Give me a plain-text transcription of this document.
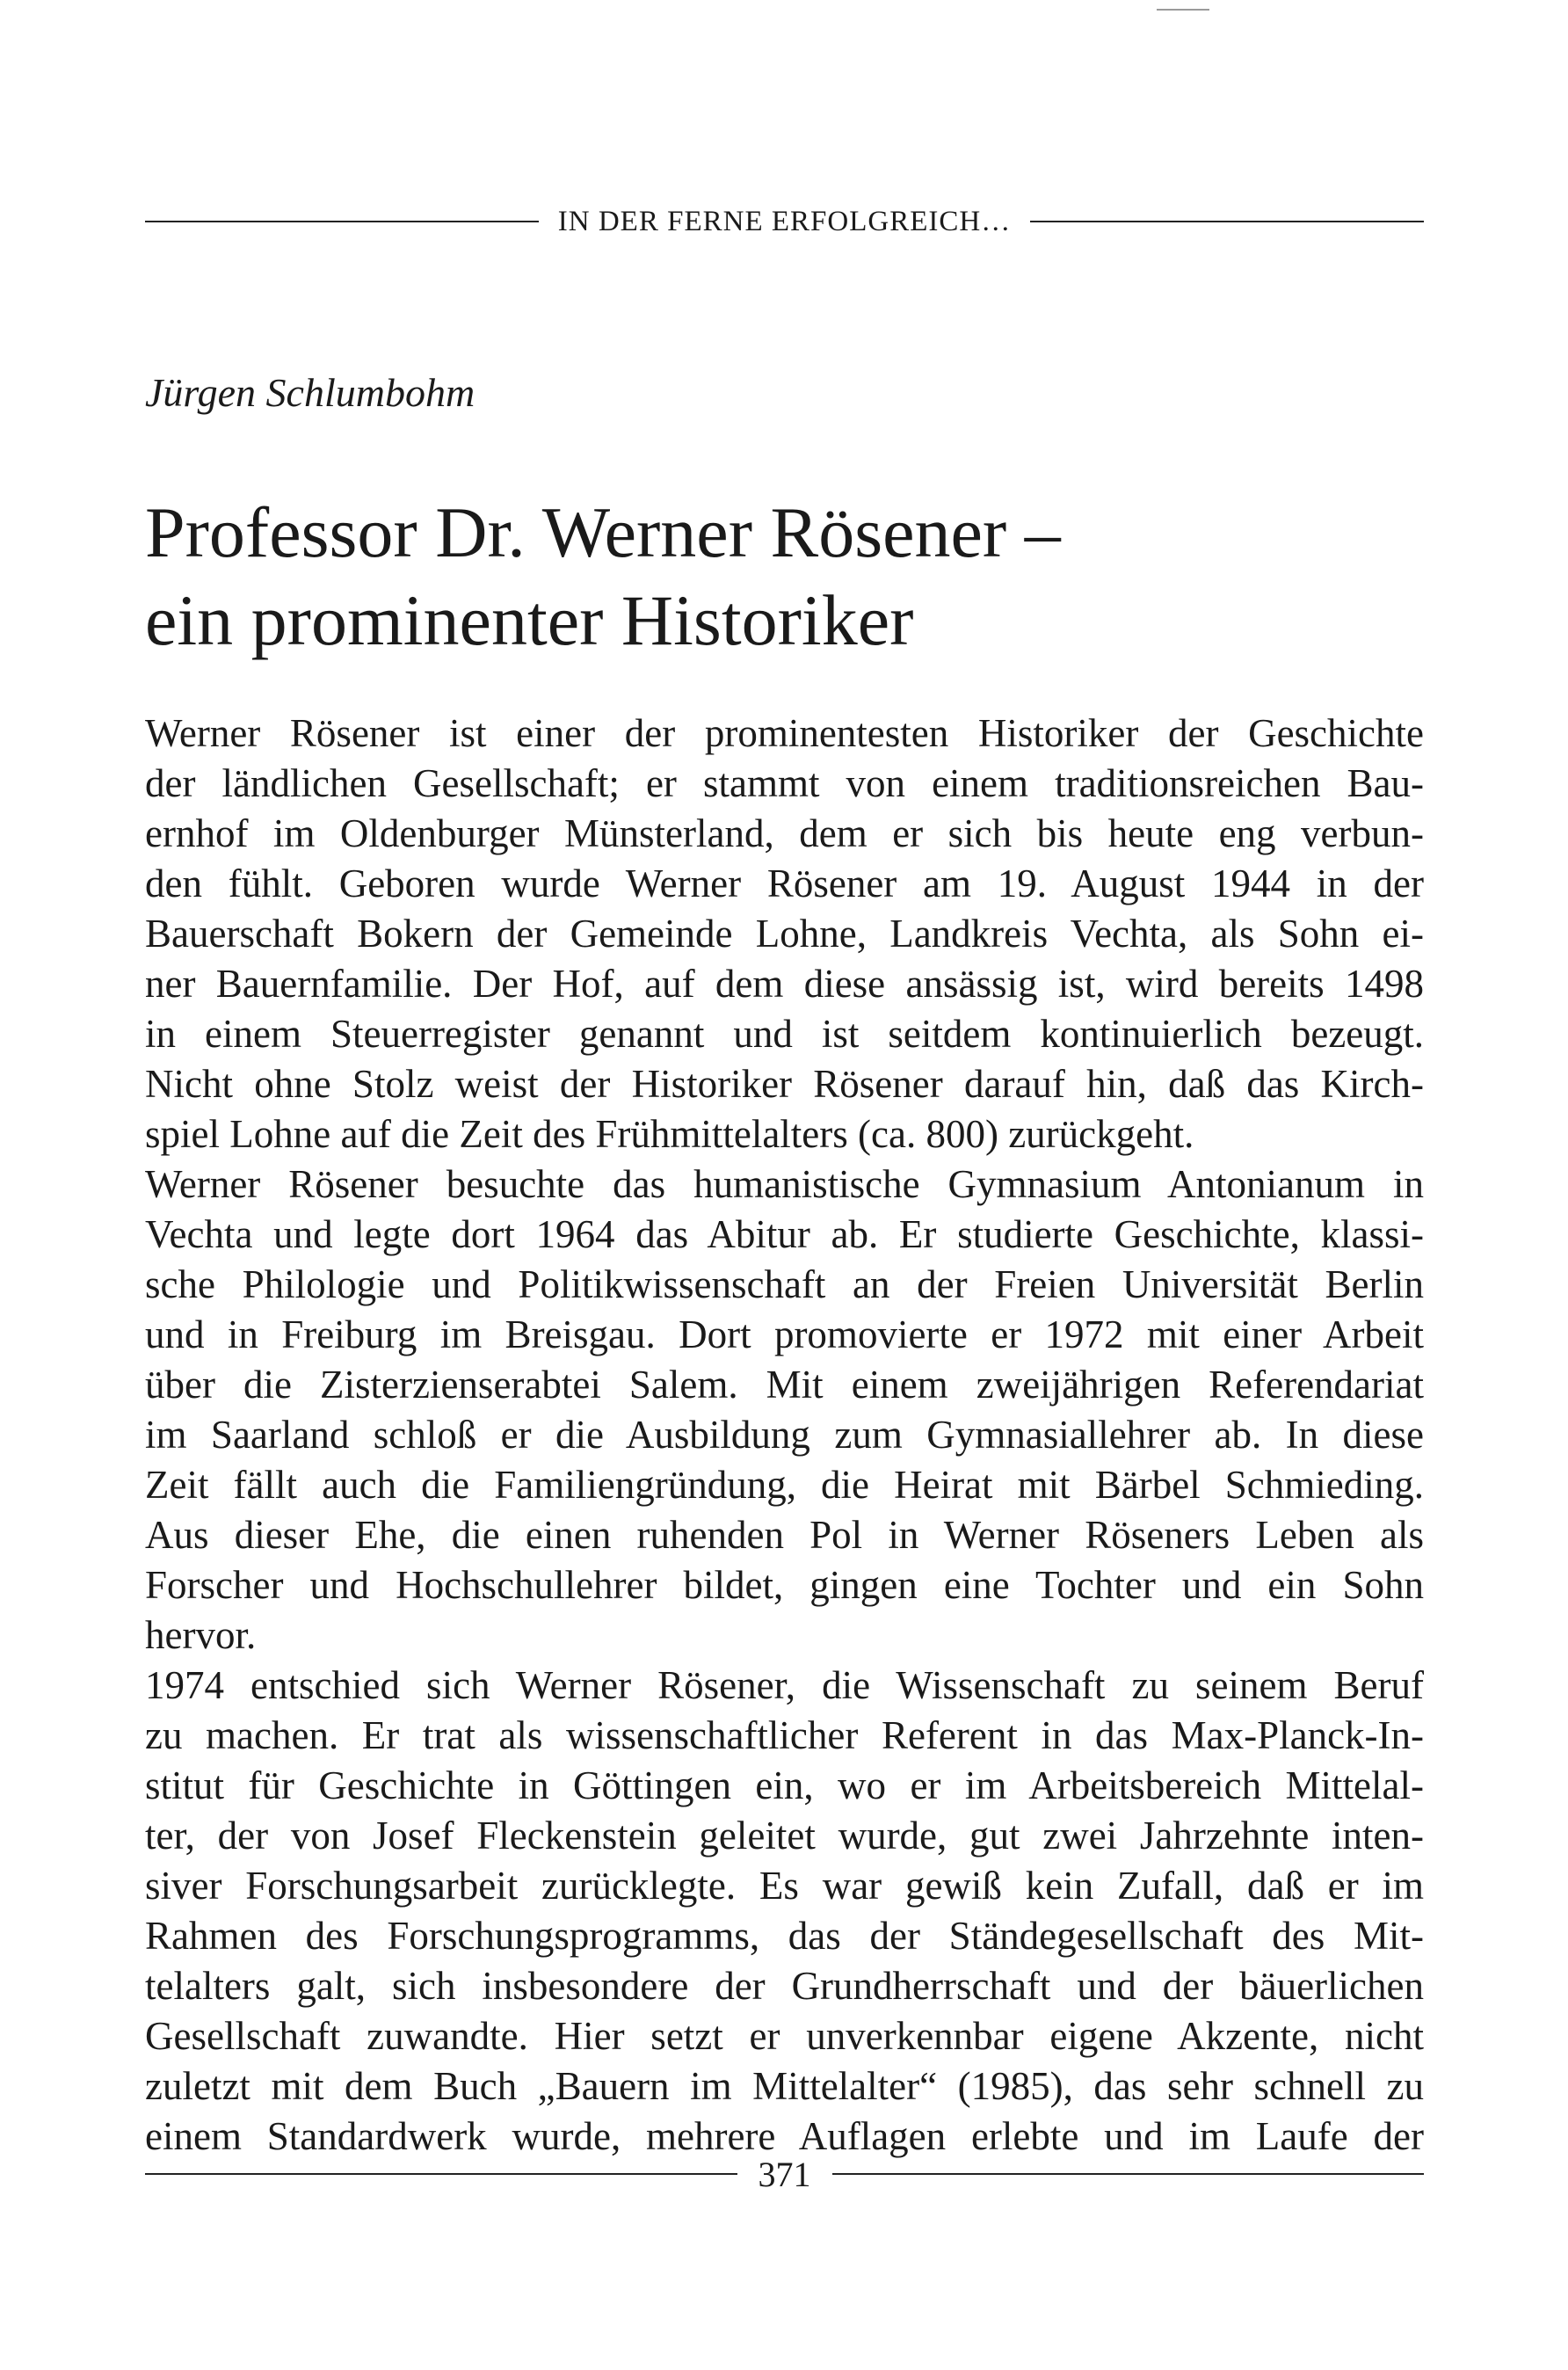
IN DER FERNE ERFOLGREICH…
Jürgen Schlumbohm
Professor Dr. Werner Rösener –
ein prominenter Historiker
Werner Rösener ist einer der prominentesten Historiker der Geschichte
der ländlichen Gesellschaft; er stammt von einem traditionsreichen Bau-
ernhof im Oldenburger Münsterland, dem er sich bis heute eng verbun-
den fühlt. Geboren wurde Werner Rösener am 19. August 1944 in der
Bauerschaft Bokern der Gemeinde Lohne, Landkreis Vechta, als Sohn ei-
ner Bauernfamilie. Der Hof, auf dem diese ansässig ist, wird bereits 1498
in einem Steuerregister genannt und ist seitdem kontinuierlich bezeugt.
Nicht ohne Stolz weist der Historiker Rösener darauf hin, daß das Kirch-
spiel Lohne auf die Zeit des Frühmittelalters (ca. 800) zurückgeht.
Werner Rösener besuchte das humanistische Gymnasium Antonianum in
Vechta und legte dort 1964 das Abitur ab. Er studierte Geschichte, klassi-
sche Philologie und Politikwissenschaft an der Freien Universität Berlin
und in Freiburg im Breisgau. Dort promovierte er 1972 mit einer Arbeit
über die Zisterzienserabtei Salem. Mit einem zweijährigen Referendariat
im Saarland schloß er die Ausbildung zum Gymnasiallehrer ab. In diese
Zeit fällt auch die Familiengründung, die Heirat mit Bärbel Schmieding.
Aus dieser Ehe, die einen ruhenden Pol in Werner Röseners Leben als
Forscher und Hochschullehrer bildet, gingen eine Tochter und ein Sohn
hervor.
1974 entschied sich Werner Rösener, die Wissenschaft zu seinem Beruf
zu machen. Er trat als wissenschaftlicher Referent in das Max-Planck-In-
stitut für Geschichte in Göttingen ein, wo er im Arbeitsbereich Mittelal-
ter, der von Josef Fleckenstein geleitet wurde, gut zwei Jahrzehnte inten-
siver Forschungsarbeit zurücklegte. Es war gewiß kein Zufall, daß er im
Rahmen des Forschungsprogramms, das der Ständegesellschaft des Mit-
telalters galt, sich insbesondere der Grundherrschaft und der bäuerlichen
Gesellschaft zuwandte. Hier setzt er unverkennbar eigene Akzente, nicht
zuletzt mit dem Buch „Bauern im Mittelalter“ (1985), das sehr schnell zu
einem Standardwerk wurde, mehrere Auflagen erlebte und im Laufe der
371
